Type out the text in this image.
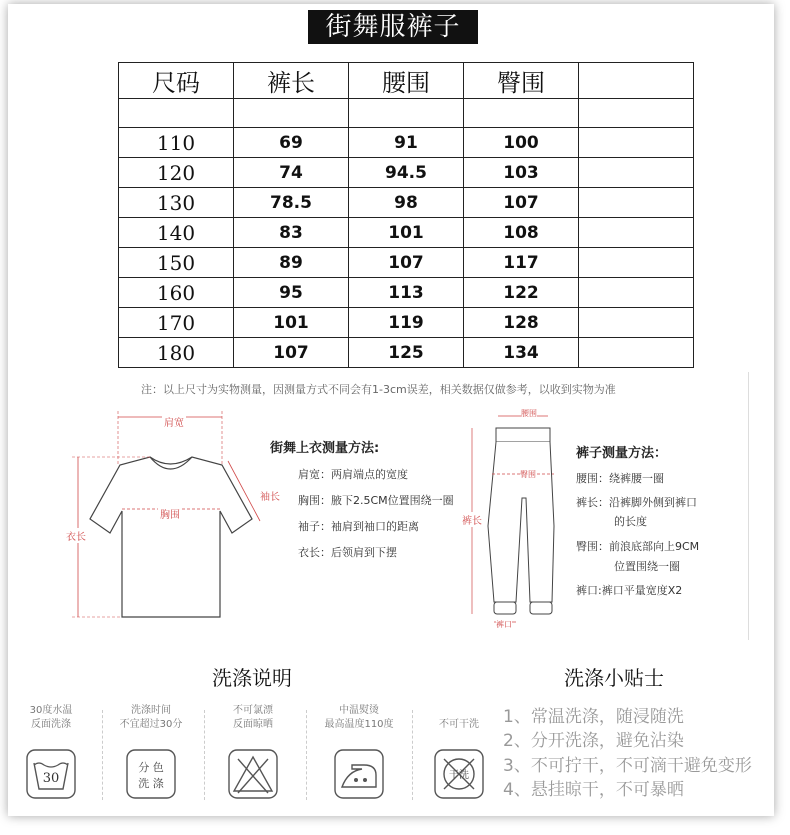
街舞服裤子
尺码	裤长	腰围	臀围	

110	69	91	100	
120	74	94.5	103	
130	78.5	98	107	
140	83	101	108	
150	89	107	117	
160	95	113	122	
170	101	119	128	
180	107	125	134	
注：以上尺寸为实物测量，因测量方式不同会有1-3cm误差，相关数据仅做参考，以收到实物为准
肩宽
袖长
胸围
衣长
街舞上衣测量方法:
肩宽：两肩端点的宽度
胸围：腋下2.5CM位置围绕一圈
袖子：袖肩到袖口的距离
衣长：后领肩到下摆
腰围
臀围
裤长
裤口
裤子测量方法：
腰围：绕裤腰一圈
裤长：沿裤脚外侧到裤口
的长度
臀围：前浪底部向上9CM
位置围绕一圈
裤口:裤口平量宽度X2
洗涤说明	洗涤小贴士
30度水温
反面洗涤
30
洗涤时间
不宜超过30分
分 色
洗 涤
不可氯漂
反面晾晒
中温熨烫
最高温度110度	不可干洗
干洗
1、常温洗涤，随浸随洗
2、分开洗涤，避免沾染
3、不可拧干，不可滴干避免变形
4、悬挂晾干，不可暴晒
